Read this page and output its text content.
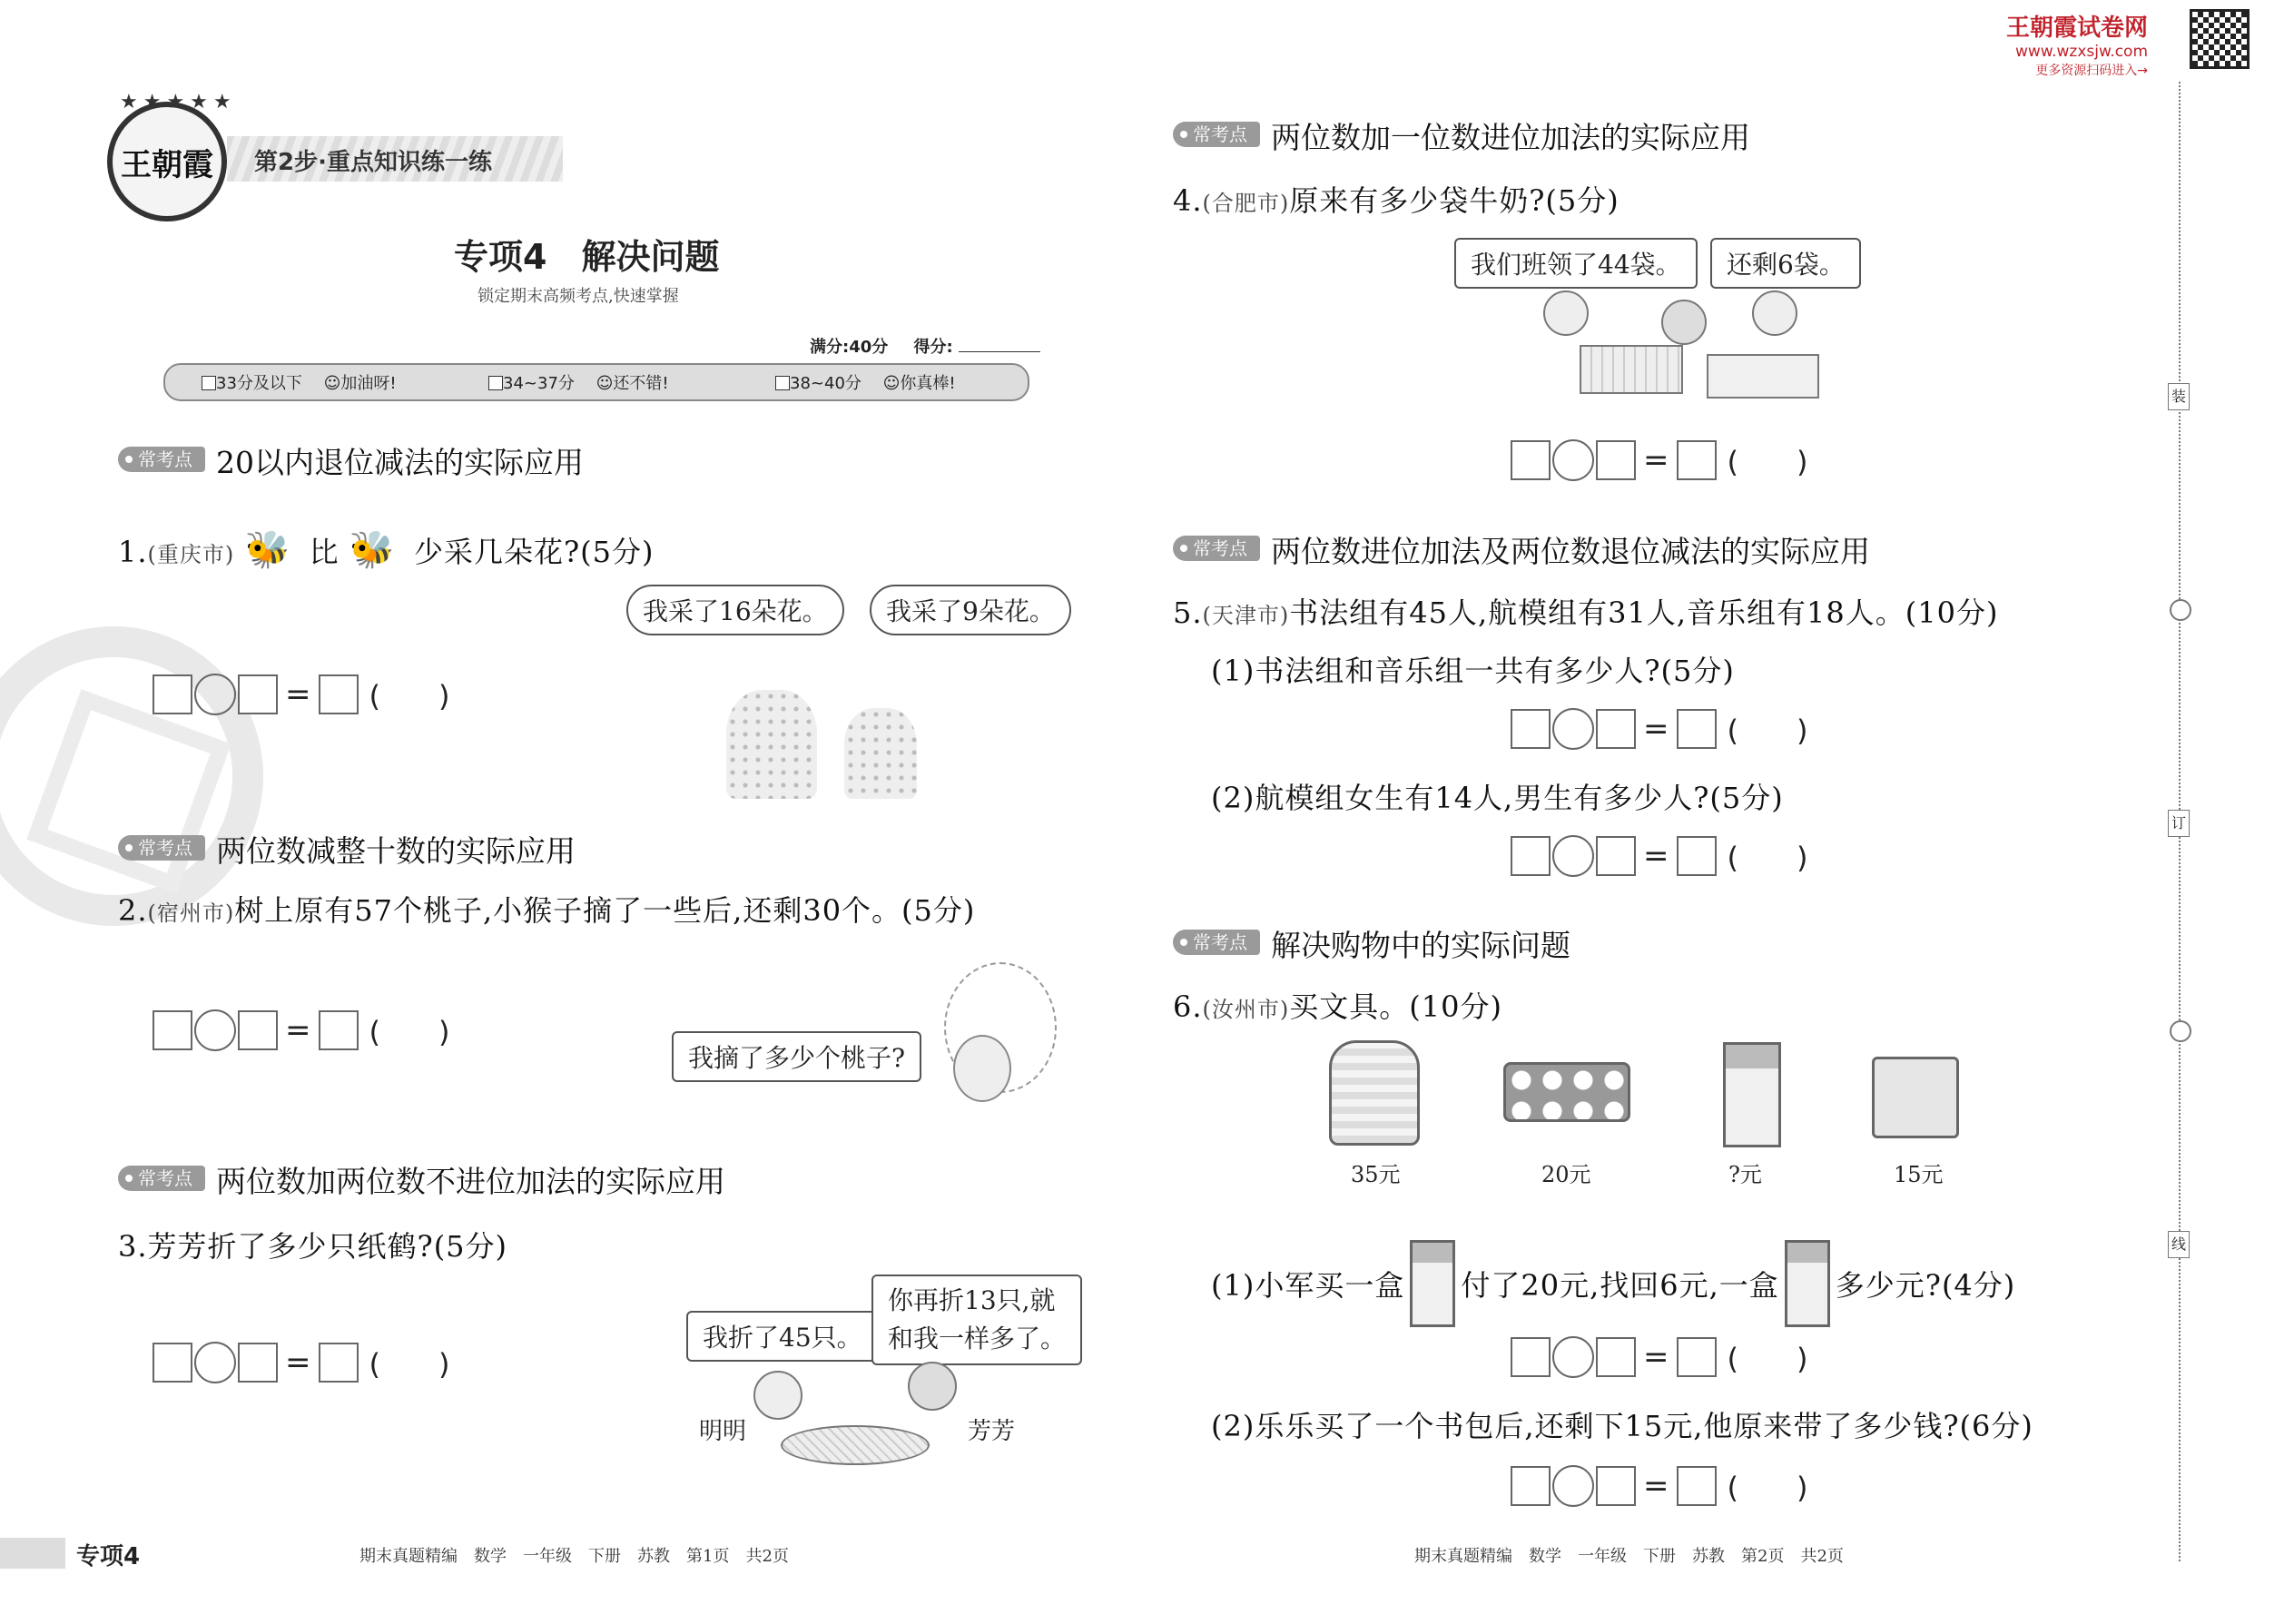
★★★★★
王朝霞	第2步·重点知识练一练
专项4　解决问题
锁定期末高频考点,快速掌握
满分:40分 得分:
33分及以下 ☺加油呀!	34~37分 ☺还不错!	38~40分 ☺你真棒!
常考点 20以内退位减法的实际应用
1.(重庆市) 🐝 比 🐝 少采几朵花?(5分)
我采了16朵花。	我采了9朵花。
= (　　)
常考点 两位数减整十数的实际应用
2.(宿州市)树上原有57个桃子,小猴子摘了一些后,还剩30个。(5分)
= (　　)
我摘了多少个桃子?
常考点 两位数加两位数不进位加法的实际应用
3.芳芳折了多少只纸鹤?(5分)
我折了45只。
你再折13只,就
和我一样多了。
= (　　)
明明	芳芳
专项4	期末真题精编　数学　一年级　下册　苏教　第1页　共2页
王朝霞试卷网
www.wzxsjw.com
更多资源扫码进入→
常考点 两位数加一位数进位加法的实际应用
4.(合肥市)原来有多少袋牛奶?(5分)
我们班领了44袋。	还剩6袋。
= (　　)
常考点 两位数进位加法及两位数退位减法的实际应用
5.(天津市)书法组有45人,航模组有31人,音乐组有18人。(10分)
(1)书法组和音乐组一共有多少人?(5分)
= (　　)
(2)航模组女生有14人,男生有多少人?(5分)
= (　　)
常考点 解决购物中的实际问题
6.(汝州市)买文具。(10分)
35元	20元	?元	15元
(1)小军买一盒 付了20元,找回6元,一盒 多少元?(4分)
= (　　)
(2)乐乐买了一个书包后,还剩下15元,他原来带了多少钱?(6分)
= (　　)
期末真题精编　数学　一年级　下册　苏教　第2页　共2页
装
订
线
